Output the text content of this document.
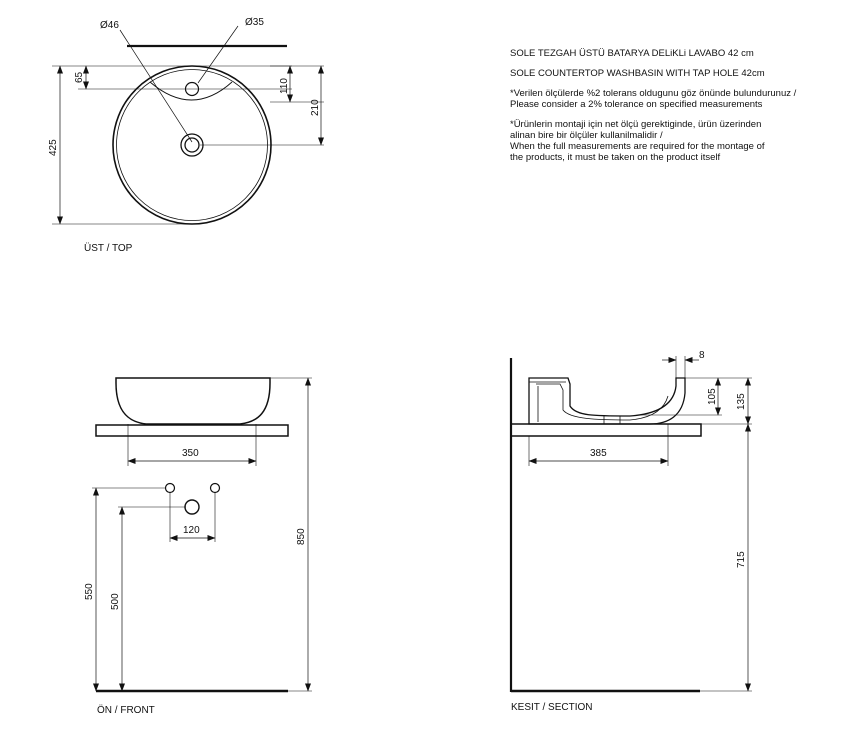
Ø46	Ø35
65
110
210
425
ÜST / TOP
350
120	850
550
500
ÖN / FRONT
8
105 135
715
385
KESIT / SECTION

SOLE TEZGAH ÜSTÜ BATARYA DELiKLi LAVABO 42 cm

SOLE COUNTERTOP WASHBASIN WITH TAP HOLE 42cm

*Verilen ölçülerde %2 tolerans oldugunu göz önünde bulundurunuz /
Please consider a 2% tolerance on specified measurements

*Ürünlerin montaji için net ölçü gerektiginde, ürün üzerinden
alinan bire bir ölçüler kullanilmalidir /
When the full measurements are required for the montage of
the products, it must be taken on the product itself
